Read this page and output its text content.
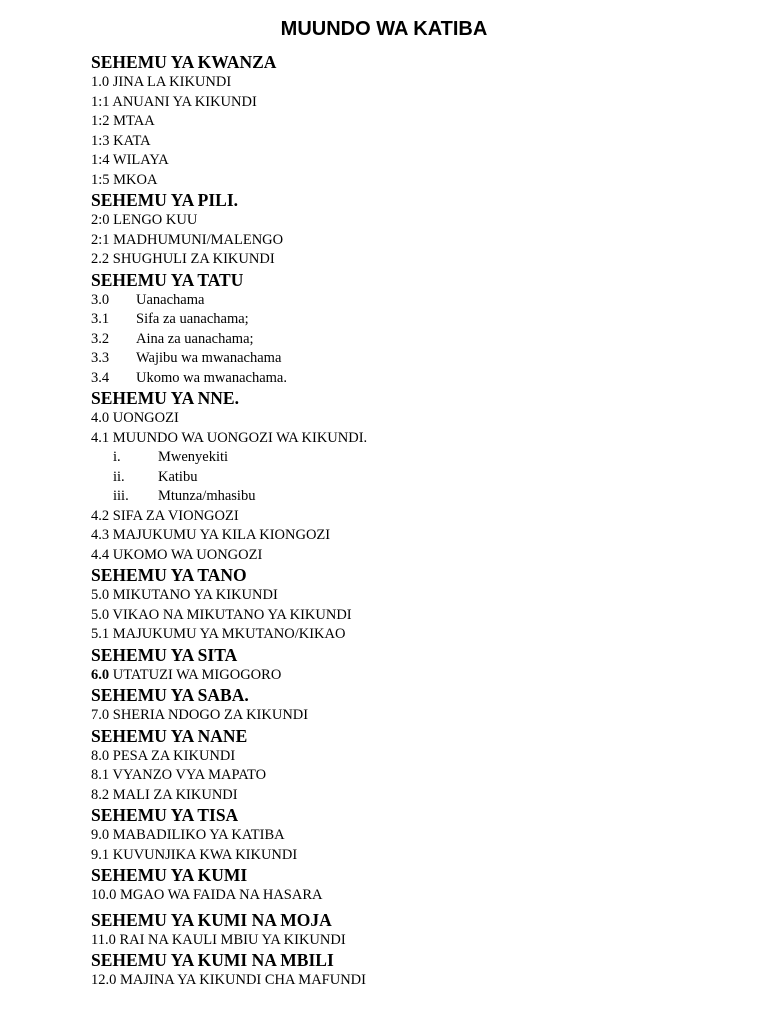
MUUNDO WA KATIBA
SEHEMU YA KWANZA
1.0 JINA LA KIKUNDI
1:1 ANUANI YA KIKUNDI
1:2 MTAA
1:3 KATA
1:4 WILAYA
1:5 MKOA
SEHEMU YA PILI.
2:0 LENGO KUU
2:1 MADHUMUNI/MALENGO
2.2 SHUGHULI ZA KIKUNDI
SEHEMU YA TATU
3.0	Uanachama
3.1	Sifa za uanachama;
3.2	Aina za uanachama;
3.3	Wajibu wa mwanachama
3.4	Ukomo wa mwanachama.
SEHEMU YA NNE.
4.0 UONGOZI
4.1 MUUNDO WA UONGOZI WA KIKUNDI.
i.	Mwenyekiti
ii.	Katibu
iii.	Mtunza/mhasibu
4.2 SIFA ZA VIONGOZI
4.3 MAJUKUMU YA KILA KIONGOZI
4.4 UKOMO WA UONGOZI
SEHEMU YA TANO
5.0 MIKUTANO YA KIKUNDI
5.0 VIKAO NA MIKUTANO YA KIKUNDI
5.1 MAJUKUMU YA MKUTANO/KIKAO
SEHEMU YA SITA
6.0 UTATUZI WA MIGOGORO
SEHEMU YA SABA.
7.0 SHERIA NDOGO ZA KIKUNDI
SEHEMU YA NANE
8.0 PESA ZA KIKUNDI
8.1 VYANZO VYA MAPATO
8.2 MALI ZA KIKUNDI
SEHEMU YA TISA
9.0 MABADILIKO YA KATIBA
9.1 KUVUNJIKA KWA KIKUNDI
SEHEMU YA KUMI
10.0 MGAO WA FAIDA NA HASARA
SEHEMU YA KUMI NA MOJA
11.0 RAI NA KAULI MBIU YA KIKUNDI
SEHEMU YA KUMI NA MBILI
12.0 MAJINA YA KIKUNDI CHA MAFUNDI
